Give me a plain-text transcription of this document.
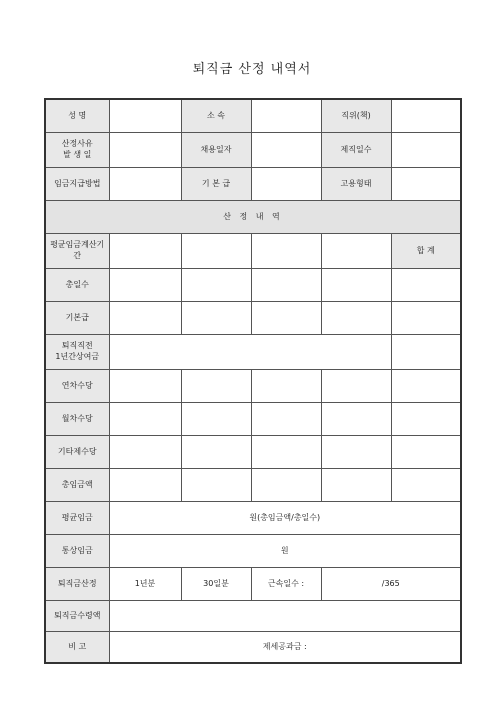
퇴직금 산정 내역서
성 명		소 속		직위(책)	
산정사유
발 생 일		채용일자		제직일수	
임금지급방법		기 본 급		고용형태	
산 정 내 역					
평균임금계산기
간					합 계
총일수					
기본급					
퇴직직전
1년간상여금					
연차수당					
월차수당					
기타제수당					
총임금액					
평균임금	원(총임금액/총일수)				
통상임금	원				
퇴직금산정	1년분	30일분	근속일수 :	/365	
퇴직금수령액					
비 고	제세공과금 :				
